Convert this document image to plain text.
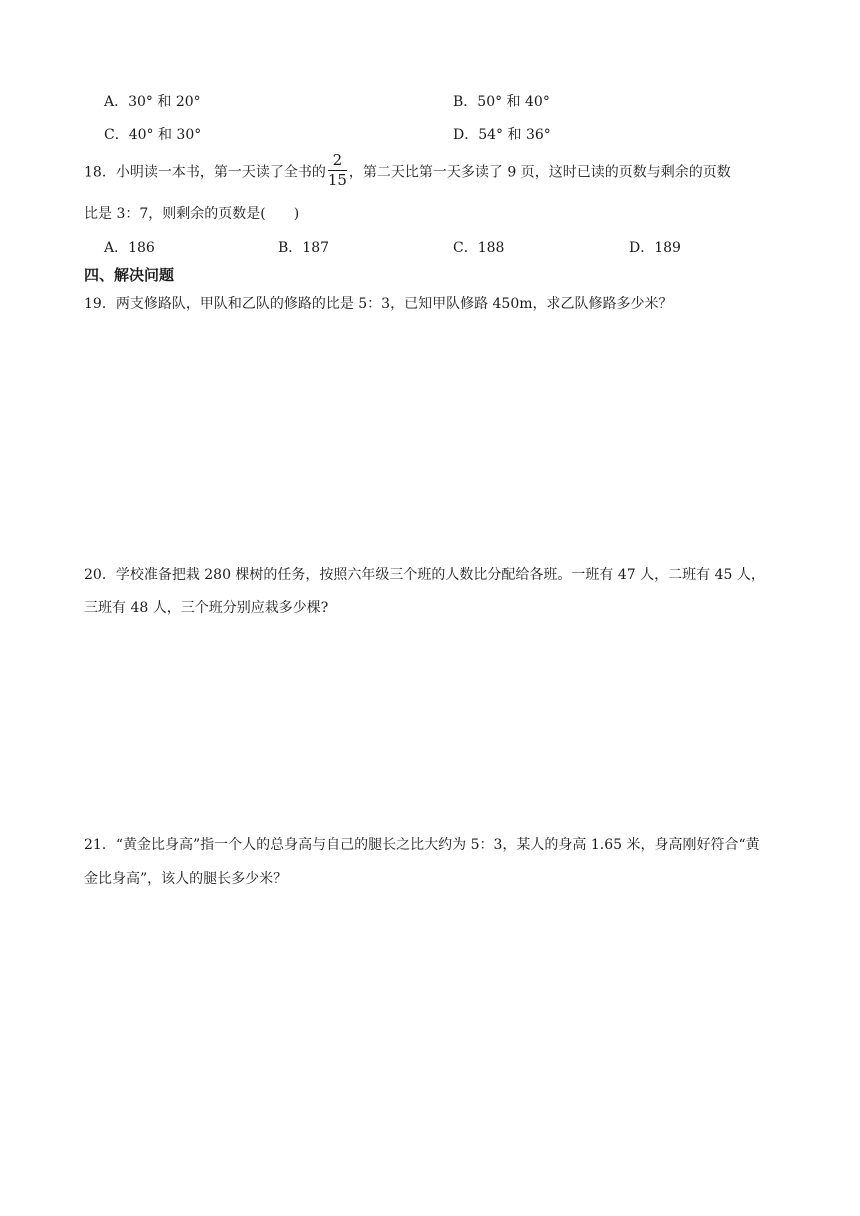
A．30° 和 20°	B．50° 和 40°
C．40° 和 30°	D．54° 和 36°
18．小明读一本书，第一天读了全书的 $\frac{2}{15}$ ，第二天比第一天多读了 9 页，这时已读的页数与剩余的页数
比是 3：7，则剩余的页数是(　　)
A．186	B．187	C．188	D．189
四、解决问题
19．两支修路队，甲队和乙队的修路的比是 5：3，已知甲队修路 450m，求乙队修路多少米？
20．学校准备把栽 280 棵树的任务，按照六年级三个班的人数比分配给各班。一班有 47 人，二班有 45 人，
三班有 48 人，三个班分别应栽多少棵?
21．“黄金比身高”指一个人的总身高与自己的腿长之比大约为 5：3，某人的身高 1.65 米，身高刚好符合“黄
金比身高”，该人的腿长多少米？
